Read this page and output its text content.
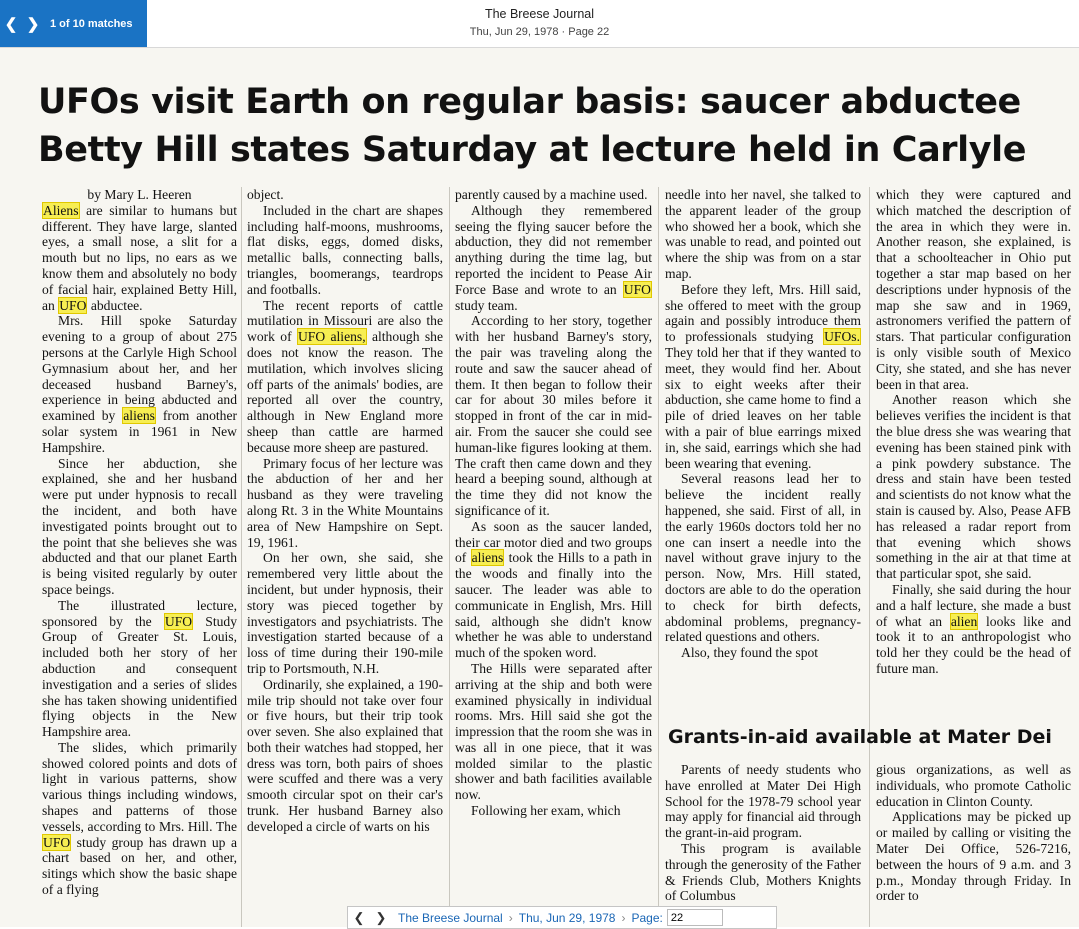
❮ ❯ 1 of 10 matches
The Breese Journal
Thu, Jun 29, 1978 · Page 22
UFOs visit Earth on regular basis: saucer abductee
Betty Hill states Saturday at lecture held in Carlyle

by Mary L. Heeren

Aliens are similar to humans but different. They have large, slanted eyes, a small nose, a slit for a mouth but no lips, no ears as we know them and absolutely no body of facial hair, explained Betty Hill, an UFO abductee.

Mrs. Hill spoke Saturday evening to a group of about 275 persons at the Carlyle High School Gymnasium about her, and her deceased husband Barney's, experience in being abducted and examined by aliens from another solar system in 1961 in New Hampshire.

Since her abduction, she explained, she and her husband were put under hypnosis to recall the incident, and both have investigated points brought out to the point that she believes she was abducted and that our planet Earth is being visited regularly by outer space beings.

The illustrated lecture, sponsored by the UFO Study Group of Greater St. Louis, included both her story of her abduction and consequent investigation and a series of slides she has taken showing unidentified flying objects in the New Hampshire area.

The slides, which primarily showed colored points and dots of light in various patterns, show various things including windows, shapes and patterns of those vessels, according to Mrs. Hill. The UFO study group has drawn up a chart based on her, and other, sitings which show the basic shape of a flying

object.

Included in the chart are shapes including half-moons, mushrooms, flat disks, eggs, domed disks, metallic balls, connecting balls, triangles, boomerangs, teardrops and footballs.

The recent reports of cattle mutilation in Missouri are also the work of UFO aliens, although she does not know the reason. The mutilation, which involves slicing off parts of the animals' bodies, are reported all over the country, although in New England more sheep than cattle are harmed because more sheep are pastured.

Primary focus of her lecture was the abduction of her and her husband as they were traveling along Rt. 3 in the White Mountains area of New Hampshire on Sept. 19, 1961.

On her own, she said, she remembered very little about the incident, but under hypnosis, their story was pieced together by investigators and psychiatrists. The investigation started because of a loss of time during their 190-mile trip to Portsmouth, N.H.

Ordinarily, she explained, a 190-mile trip should not take over four or five hours, but their trip took over seven. She also explained that both their watches had stopped, her dress was torn, both pairs of shoes were scuffed and there was a very smooth circular spot on their car's trunk. Her husband Barney also developed a circle of warts on his

parently caused by a machine used.

Although they remembered seeing the flying saucer before the abduction, they did not remember anything during the time lag, but reported the incident to Pease Air Force Base and wrote to an UFO study team.

According to her story, together with her husband Barney's story, the pair was traveling along the route and saw the saucer ahead of them. It then began to follow their car for about 30 miles before it stopped in front of the car in mid-air. From the saucer she could see human-like figures looking at them. The craft then came down and they heard a beeping sound, although at the time they did not know the significance of it.

As soon as the saucer landed, their car motor died and two groups of aliens took the Hills to a path in the woods and finally into the saucer. The leader was able to communicate in English, Mrs. Hill said, although she didn't know whether he was able to understand much of the spoken word.

The Hills were separated after arriving at the ship and both were examined physically in individual rooms. Mrs. Hill said she got the impression that the room she was in was all in one piece, that it was molded similar to the plastic shower and bath facilities available now.

Following her exam, which

needle into her navel, she talked to the apparent leader of the group who showed her a book, which she was unable to read, and pointed out where the ship was from on a star map.

Before they left, Mrs. Hill said, she offered to meet with the group again and possibly introduce them to professionals studying UFOs. They told her that if they wanted to meet, they would find her. About six to eight weeks after their abduction, she came home to find a pile of dried leaves on her table with a pair of blue earrings mixed in, she said, earrings which she had been wearing that evening.

Several reasons lead her to believe the incident really happened, she said. First of all, in the early 1960s doctors told her no one can insert a needle into the navel without grave injury to the person. Now, Mrs. Hill stated, doctors are able to do the operation to check for birth defects, abdominal problems, pregnancy-related questions and others.

Also, they found the spot

which they were captured and which matched the description of the area in which they were in. Another reason, she explained, is that a schoolteacher in Ohio put together a star map based on her descriptions under hypnosis of the map she saw and in 1969, astronomers verified the pattern of stars. That particular configuration is only visible south of Mexico City, she stated, and she has never been in that area.

Another reason which she believes verifies the incident is that the blue dress she was wearing that evening has been stained pink with a pink powdery substance. The dress and stain have been tested and scientists do not know what the stain is caused by. Also, Pease AFB has released a radar report from that evening which shows something in the air at that time at that particular spot, she said.

Finally, she said during the hour and a half lecture, she made a bust of what an alien looks like and took it to an anthropologist who told her they could be the head of future man.

Grants-in-aid available at Mater Dei

Parents of needy students who have enrolled at Mater Dei High School for the 1978-79 school year may apply for financial aid through the grant-in-aid program.

This program is available through the generosity of the Father & Friends Club, Mothers Knights of Columbus

gious organizations, as well as individuals, who promote Catholic education in Clinton County.

Applications may be picked up or mailed by calling or visiting the Mater Dei Office, 526-7216, between the hours of 9 a.m. and 3 p.m., Monday through Friday. In order to

❮ ❯ The Breese Journal › Thu, Jun 29, 1978 › Page:
22
